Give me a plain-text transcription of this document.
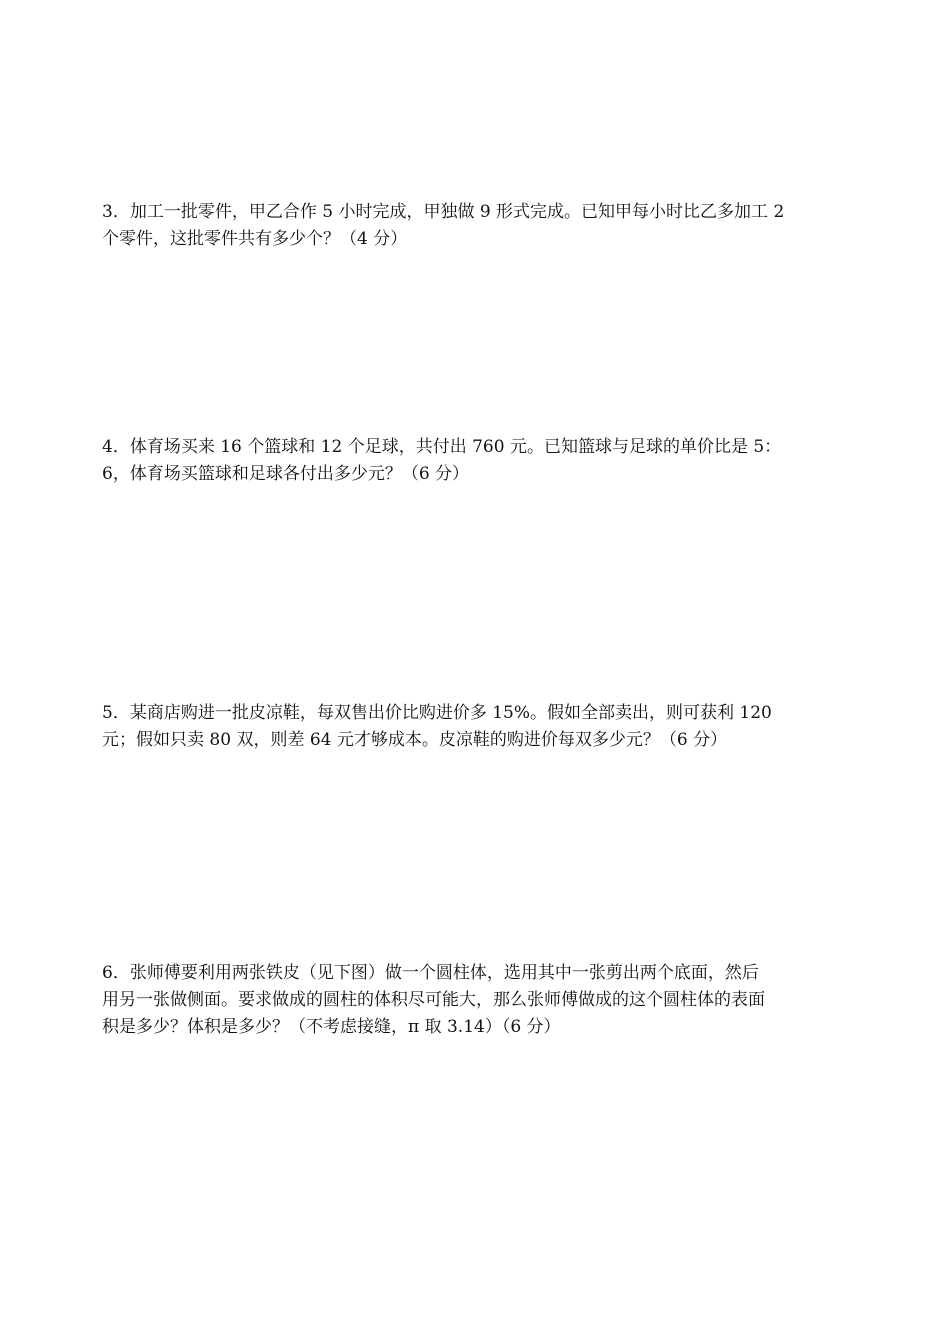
3．加工一批零件，甲乙合作 5 小时完成，甲独做 9 形式完成。已知甲每小时比乙多加工 2

个零件，这批零件共有多少个？（4 分）

4．体育场买来 16 个篮球和 12 个足球，共付出 760 元。已知篮球与足球的单价比是 5：

6，体育场买篮球和足球各付出多少元？（6 分）

5．某商店购进一批皮凉鞋，每双售出价比购进价多 15%。假如全部卖出，则可获利 120

元；假如只卖 80 双，则差 64 元才够成本。皮凉鞋的购进价每双多少元？（6 分）

6．张师傅要利用两张铁皮（见下图）做一个圆柱体，选用其中一张剪出两个底面，然后

用另一张做侧面。要求做成的圆柱的体积尽可能大，那么张师傅做成的这个圆柱体的表面

积是多少？体积是多少？（不考虑接缝，π 取 3.14）（6 分）
